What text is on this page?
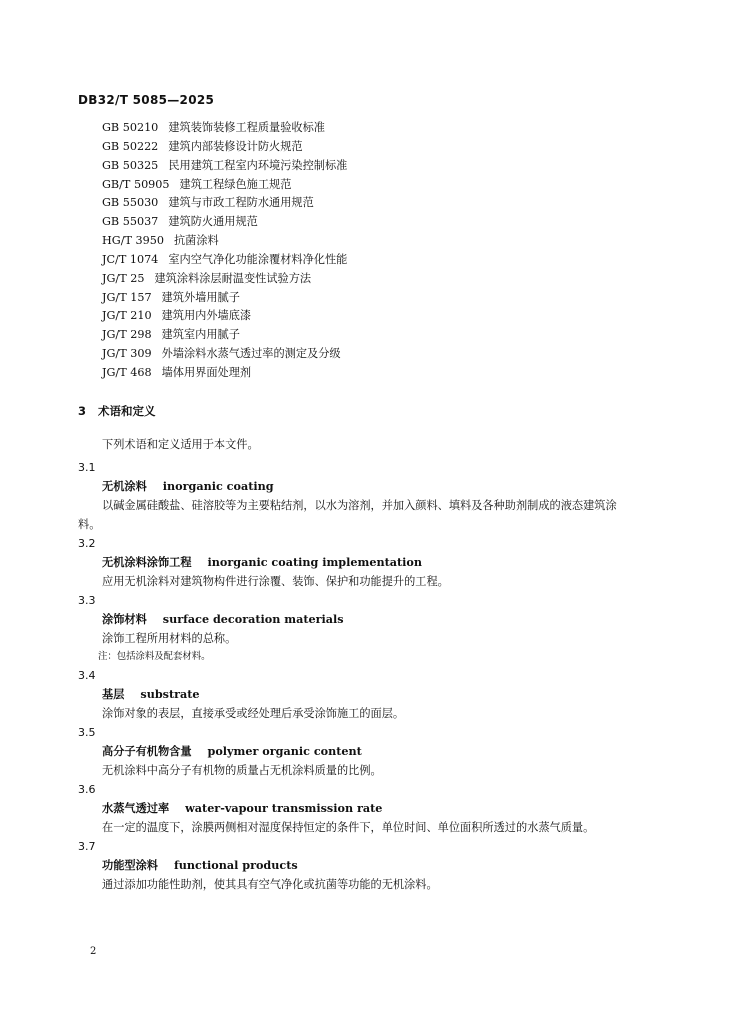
DB32/T 5085—2025
GB 50210 建筑装饰装修工程质量验收标准
GB 50222 建筑内部装修设计防火规范
GB 50325 民用建筑工程室内环境污染控制标准
GB/T 50905 建筑工程绿色施工规范
GB 55030 建筑与市政工程防水通用规范
GB 55037 建筑防火通用规范
HG/T 3950 抗菌涂料
JC/T 1074 室内空气净化功能涂覆材料净化性能
JG/T 25 建筑涂料涂层耐温变性试验方法
JG/T 157 建筑外墙用腻子
JG/T 210 建筑用内外墙底漆
JG/T 298 建筑室内用腻子
JG/T 309 外墙涂料水蒸气透过率的测定及分级
JG/T 468 墙体用界面处理剂
3 术语和定义
下列术语和定义适用于本文件。
3.1
无机涂料 inorganic coating
以碱金属硅酸盐、硅溶胶等为主要粘结剂，以水为溶剂，并加入颜料、填料及各种助剂制成的液态建筑涂料。
3.2
无机涂料涂饰工程 inorganic coating implementation
应用无机涂料对建筑物构件进行涂覆、装饰、保护和功能提升的工程。
3.3
涂饰材料 surface decoration materials
涂饰工程所用材料的总称。
注：包括涂料及配套材料。
3.4
基层 substrate
涂饰对象的表层，直接承受或经处理后承受涂饰施工的面层。
3.5
高分子有机物含量 polymer organic content
无机涂料中高分子有机物的质量占无机涂料质量的比例。
3.6
水蒸气透过率 water-vapour transmission rate
在一定的温度下，涂膜两侧相对湿度保持恒定的条件下，单位时间、单位面积所透过的水蒸气质量。
3.7
功能型涂料 functional products
通过添加功能性助剂，使其具有空气净化或抗菌等功能的无机涂料。
2
